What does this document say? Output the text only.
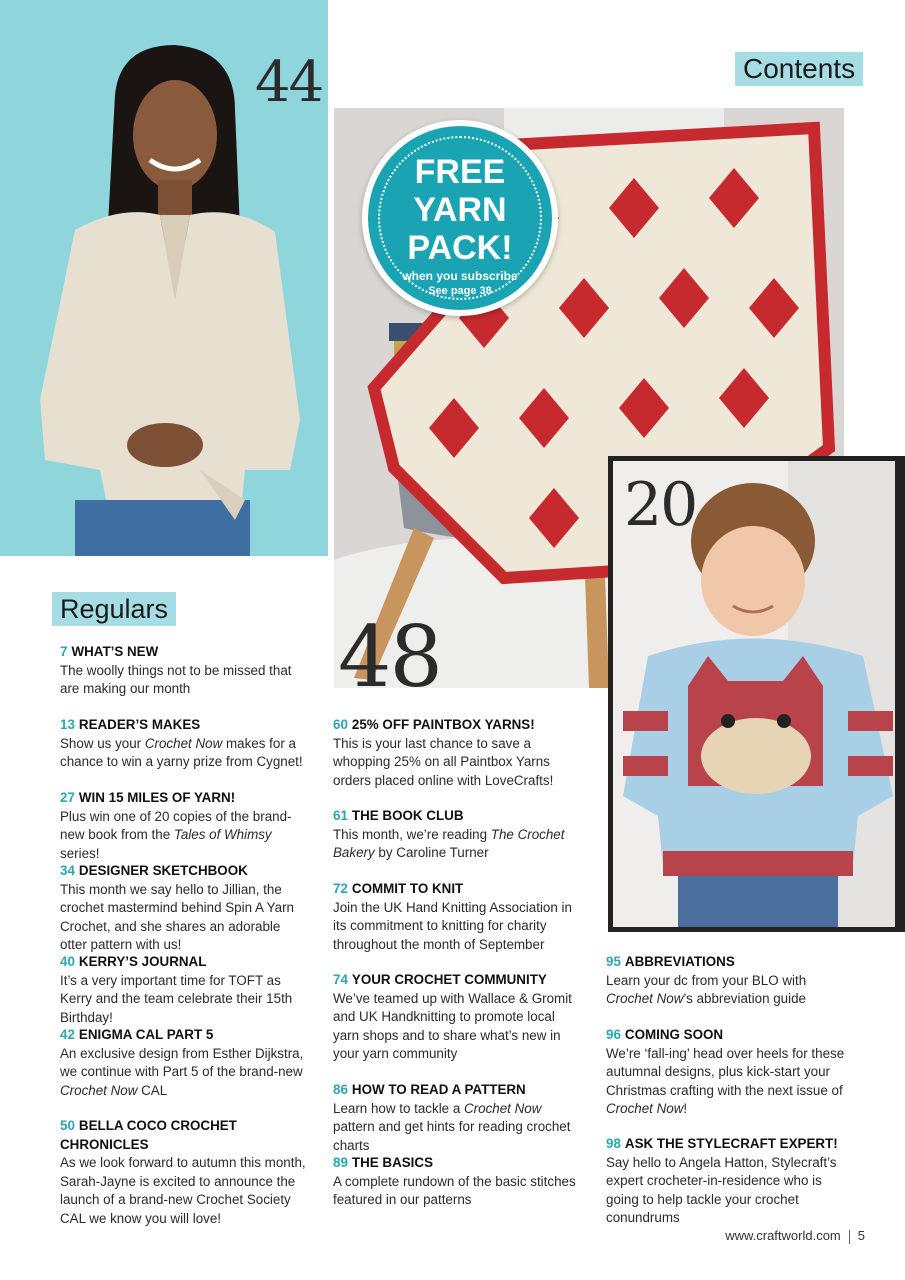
44
48
FREE
YARN
PACK!
when you subscribe
See page 38
Contents
20
Regulars
7 WHAT’S NEW
The woolly things not to be missed that are making our month
13 READER’S MAKES
Show us your Crochet Now makes for a chance to win a yarny prize from Cygnet!
27 WIN 15 MILES OF YARN!
Plus win one of 20 copies of the brand-new book from the Tales of Whimsy series!
34 DESIGNER SKETCHBOOK
This month we say hello to Jillian, the crochet mastermind behind Spin A Yarn Crochet, and she shares an adorable otter pattern with us!
40 KERRY’S JOURNAL
It’s a very important time for TOFT as Kerry and the team celebrate their 15th Birthday!
42 ENIGMA CAL PART 5
An exclusive design from Esther Dijkstra, we continue with Part 5 of the brand-new Crochet Now CAL
50 BELLA COCO CROCHET CHRONICLES
As we look forward to autumn this month, Sarah-Jayne is excited to announce the launch of a brand-new Crochet Society CAL we know you will love!
60 25% OFF PAINTBOX YARNS!
This is your last chance to save a whopping 25% on all Paintbox Yarns orders placed online with LoveCrafts!
61 THE BOOK CLUB
This month, we’re reading The Crochet Bakery by Caroline Turner
72 COMMIT TO KNIT
Join the UK Hand Knitting Association in its commitment to knitting for charity throughout the month of September
74 YOUR CROCHET COMMUNITY
We’ve teamed up with Wallace & Gromit and UK Handknitting to promote local yarn shops and to share what’s new in your yarn community
86 HOW TO READ A PATTERN
Learn how to tackle a Crochet Now pattern and get hints for reading crochet charts
89 THE BASICS
A complete rundown of the basic stitches featured in our patterns
95 ABBREVIATIONS
Learn your dc from your BLO with Crochet Now’s abbreviation guide
96 COMING SOON
We’re ‘fall-ing’ head over heels for these autumnal designs, plus kick-start your Christmas crafting with the next issue of Crochet Now!
98 ASK THE STYLECRAFT EXPERT!
Say hello to Angela Hatton, Stylecraft’s expert crocheter-in-residence who is going to help tackle your crochet conundrums
www.craftworld.com 5
